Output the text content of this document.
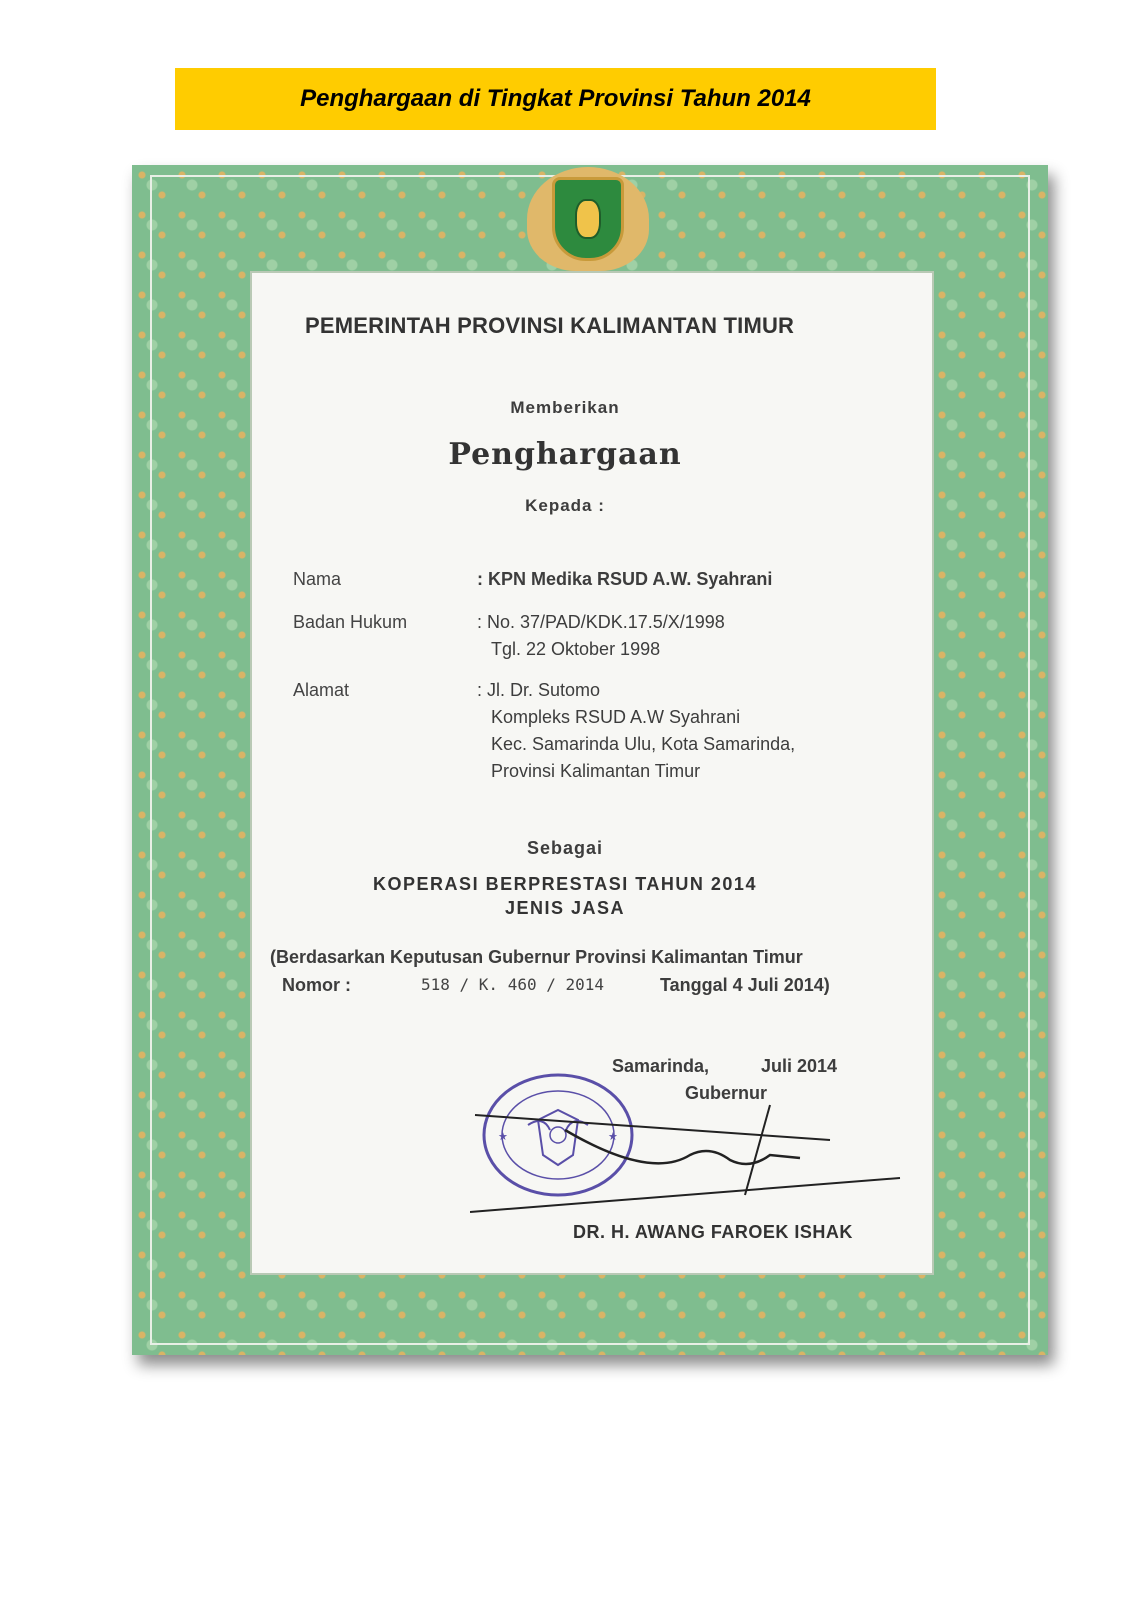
Penghargaan di Tingkat Provinsi Tahun 2014
PEMERINTAH PROVINSI KALIMANTAN TIMUR
Memberikan
Penghargaan
Kepada :
Nama	: KPN Medika RSUD A.W. Syahrani
Badan Hukum	: No. 37/PAD/KDK.17.5/X/1998
Tgl. 22 Oktober 1998
Alamat	: Jl. Dr. Sutomo
Kompleks RSUD A.W Syahrani
Kec. Samarinda Ulu, Kota Samarinda,
Provinsi Kalimantan Timur
Sebagai
KOPERASI BERPRESTASI TAHUN 2014
JENIS JASA
(Berdasarkan Keputusan Gubernur Provinsi Kalimantan Timur
Nomor :	518 / K. 460 / 2014	Tanggal 4 Juli 2014)
Samarinda,	Juli 2014
Gubernur
★	★
DR. H. AWANG FAROEK ISHAK
